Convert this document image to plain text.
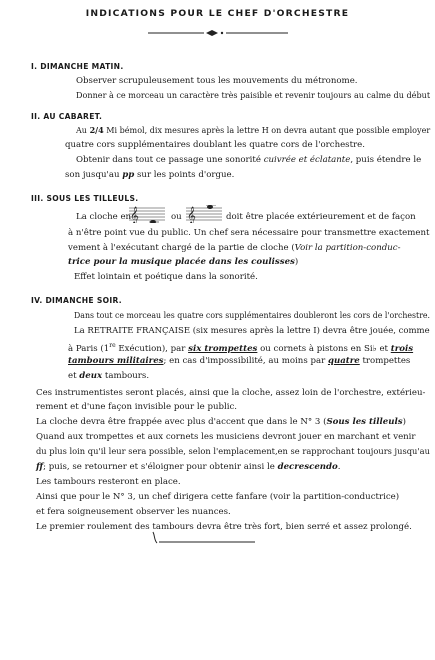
INDICATIONS POUR LE CHEF D'ORCHESTRE
I. DIMANCHE MATIN.
Observer scrupuleusement tous les mouvements du métronome.
Donner à ce morceau un caractère très paisible et revenir toujours au calme du début
II. AU CABARET.
Au 2/4 Mi bémol, dix mesures après la lettre H on devra autant que possible employer
quatre cors supplémentaires doublant les quatre cors de l'orchestre.
Obtenir dans tout ce passage une sonorité cuivrée et éclatante, puis étendre le
son jusqu'au pp sur les points d'orgue.
III. SOUS LES TILLEULS.
La cloche en
𝄞	ou 𝄞	doit être placée extérieurement et de façon
à n'être point vue du public. Un chef sera nécessaire pour transmettre exactement
vement à l'exécutant chargé de la partie de cloche (Voir la partition-conduc-
trice pour la musique placée dans les coulisses)
Effet lointain et poétique dans la sonorité.
IV. DIMANCHE SOIR.
Dans tout ce morceau les quatre cors supplémentaires doubleront les cors de l'orchestre.
La RETRAITE FRANÇAISE (six mesures après la lettre I) devra être jouée, comme
à Paris (1re Exécution), par six trompettes ou cornets à pistons en Si♭ et trois
tambours militaires; en cas d'impossibilité, au moins par quatre trompettes
et deux tambours.
Ces instrumentistes seront placés, ainsi que la cloche, assez loin de l'orchestre, extérieu-
rement et d'une façon invisible pour le public.
La cloche devra être frappée avec plus d'accent que dans le N° 3 (Sous les tilleuls)
Quand aux trompettes et aux cornets les musiciens devront jouer en marchant et venir
du plus loin qu'il leur sera possible, selon l'emplacement,en se rapprochant toujours jusqu'au
ff; puis, se retourner et s'éloigner pour obtenir ainsi le decrescendo.
Les tambours resteront en place.
Ainsi que pour le N° 3, un chef dirigera cette fanfare (voir la partition-conductrice)
et fera soigneusement observer les nuances.
Le premier roulement des tambours devra être très fort, bien serré et assez prolongé.
